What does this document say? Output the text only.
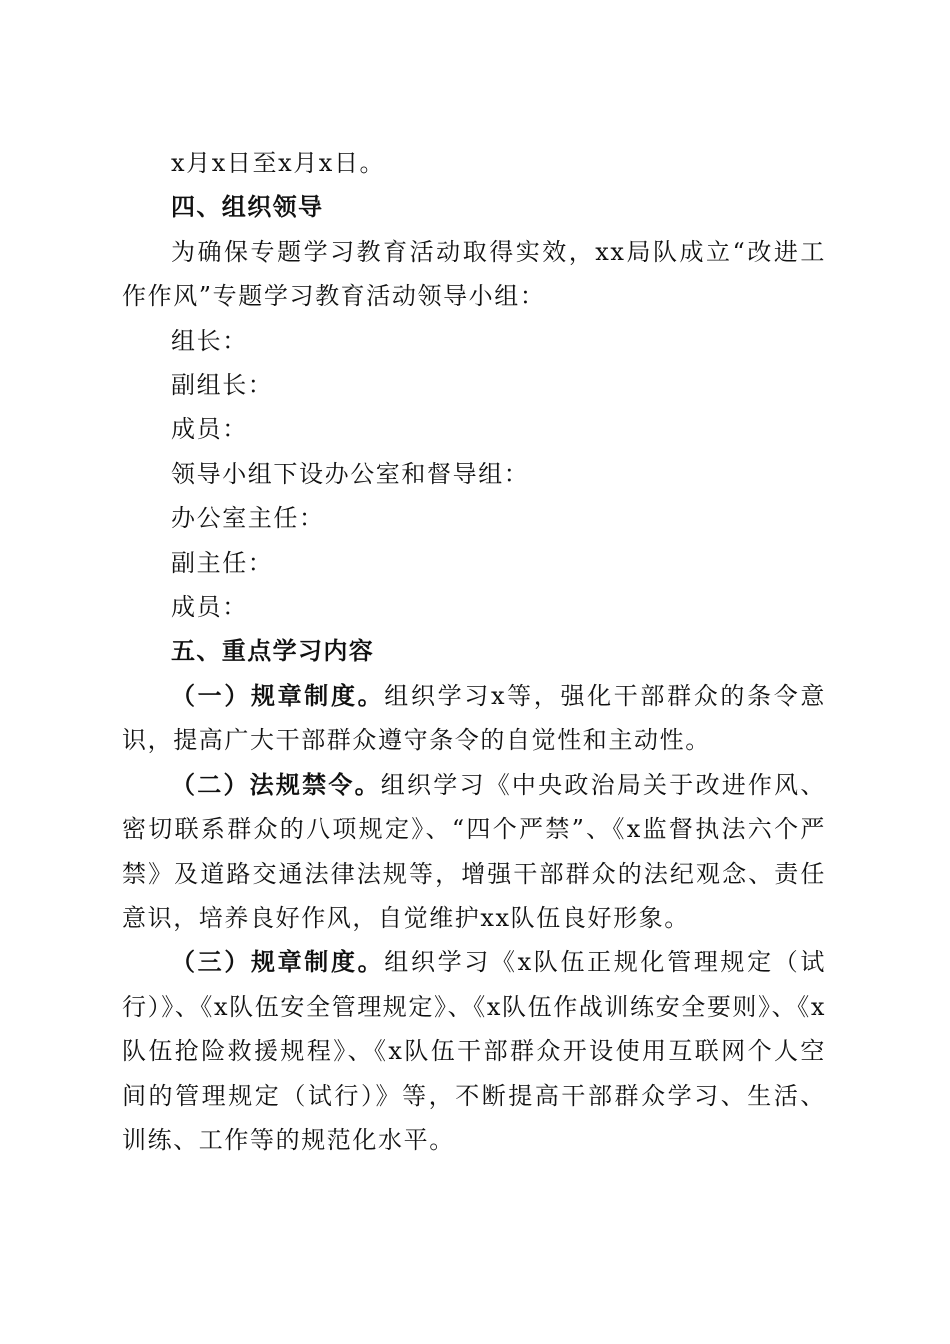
x月x日至x月x日。

四、组织领导

为确保专题学习教育活动取得实效，xx局队成立“改进工作作风”专题学习教育活动领导小组：

组长：

副组长：

成员：

领导小组下设办公室和督导组：

办公室主任：

副主任：

成员：

五、重点学习内容

（一）规章制度。组织学习x等，强化干部群众的条令意识，提高广大干部群众遵守条令的自觉性和主动性。

（二）法规禁令。组织学习《中央政治局关于改进作风、密切联系群众的八项规定》、“四个严禁”、《x监督执法六个严禁》及道路交通法律法规等，增强干部群众的法纪观念、责任意识，培养良好作风，自觉维护xx队伍良好形象。

（三）规章制度。组织学习《x队伍正规化管理规定（试行）》、《x队伍安全管理规定》、《x队伍作战训练安全要则》、《x队伍抢险救援规程》、《x队伍干部群众开设使用互联网个人空间的管理规定（试行）》等，不断提高干部群众学习、生活、训练、工作等的规范化水平。
